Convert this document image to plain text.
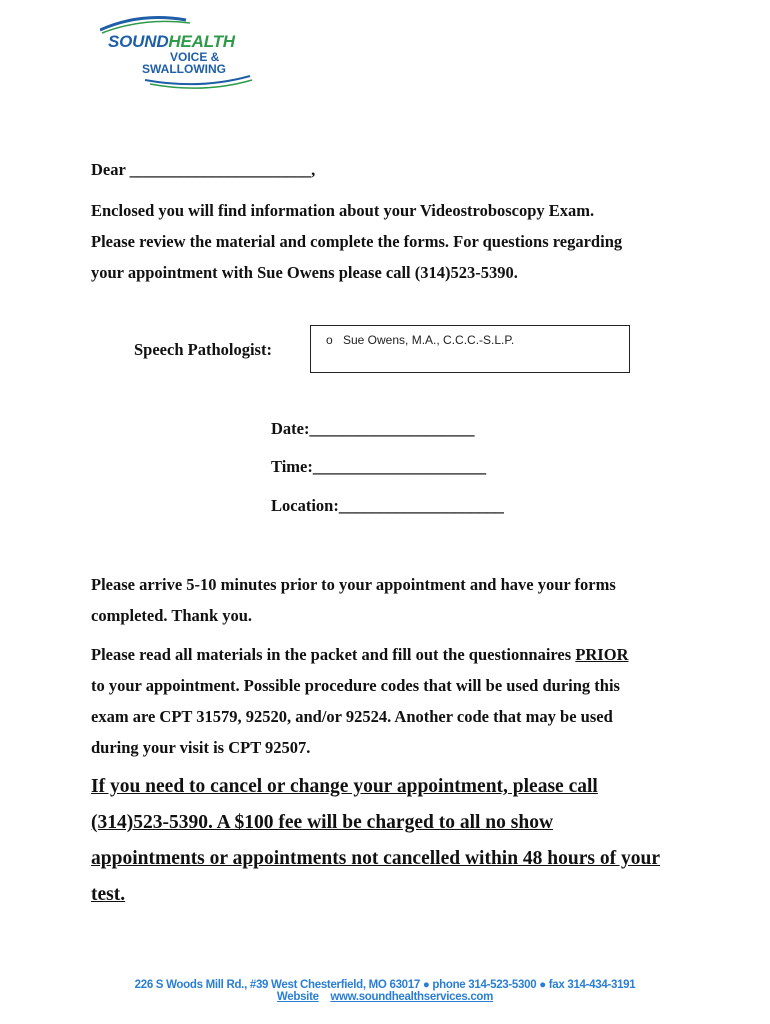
SOUNDHEALTH
VOICE &
SWALLOWING
Dear ______________________,
Enclosed you will find information about your Videostroboscopy Exam.
Please review the material and complete the forms. For questions regarding
your appointment with Sue Owens please call (314)523-5390.
Speech Pathologist:	o Sue Owens, M.A., C.C.C.-S.L.P.
Date:____________________
Time:_____________________
Location:____________________
Please arrive 5-10 minutes prior to your appointment and have your forms
completed. Thank you.
Please read all materials in the packet and fill out the questionnaires PRIOR
to your appointment. Possible procedure codes that will be used during this
exam are CPT 31579, 92520, and/or 92524. Another code that may be used
during your visit is CPT 92507.
If you need to cancel or change your appointment, please call
(314)523-5390. A $100 fee will be charged to all no show
appointments or appointments not cancelled within 48 hours of your
test.
226 S Woods Mill Rd., #39 West Chesterfield, MO 63017 ● phone 314-523-5300 ● fax 314-434-3191
Website www.soundhealthservices.com
